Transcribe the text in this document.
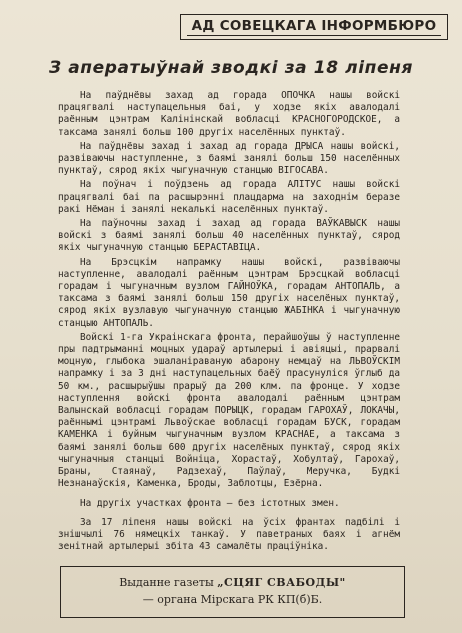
АД СОВЕЦКАГА ІНФОРМБЮРО
З аператыўнай зводкі за 18 ліпеня

На паўднёвы захад ад горада ОПОЧКА нашы войскі працягвалі наступацельныя баі, у ходзе якіх авалодалі раённым цэнтрам Калінінскай вобласці КРАСНОГОРОДСКОЕ, а таксама занялі больш 100 другіх населённых пунктаў.

На паўднёвы захад і захад ад горада ДРЫСА нашы войскі, развіваючы наступленне, з баямі занялі больш 150 населённых пунктаў, сярод якіх чыгуначную станцыю ВІГОСАВА.

На поўнач і поўдзень ад горада АЛІТУС нашы войскі працягвалі баі па расшырэнні плацдарма на заходнім беразе ракі Нёман і занялі некалькі населённых пунктаў.

На паўночны захад і захад ад горада ВАЎКАВЫСК нашы войскі з баямі занялі больш 40 населённых пунктаў, сярод якіх чыгуначную станцыю БЕРАСТАВІЦА.

На Брэсцкім напрамку нашы войскі, развіваючы наступленне, авалодалі раённым цэнтрам Брэсцкай вобласці горадам і чыгуначным вузлом ГАЙНОЎКА, горадам АНТОПАЛЬ, а таксама з баямі занялі больш 150 другіх населёных пунктаў, сярод якіх вузлавую чыгуначную станцыю ЖАБІНКА і чыгуначную станцыю АНТОПАЛЬ.

Войскі 1-га Украінскага фронта, перайшоўшы ў наступленне пры падтрыманні моцных удараў артылерыі і авіяцыі, прарвалі моцную, глыбока эшаланіраваную абарону немцаў на ЛЬВОЎСКІМ напрамку і за 3 дні наступацельных баёў прасунуліся ўглыб да 50 км., расшырыўшы прарыў да 200 клм. па фронце. У ходзе наступлення войскі фронта авалодалі раённым цэнтрам Валынскай вобласці горадам ПОРЫЦК, горадам ГАРОХАЎ, ЛОКАЧЫ, раённымі цэнтрамі Львоўскае вобласці горадам БУСК, горадам КАМЕНКА і буйным чыгуначным вузлом КРАСНАЕ, а таксама з баямі занялі больш 600 другіх населёных пунктаў, сярод якіх чыгуначныя станцыі Войніца, Хорастаў, Хобултаў, Гарохаў, Браны, Стаянаў, Радзехаў, Паўлаў, Меручка, Будкі Незнанаўскія, Каменка, Броды, Заблотцы, Езёрна.

На другіх участках фронта — без істотных змен.

За 17 ліпеня нашы войскі на ўсіх франтах падбілі і знішчылі 76 нямецкіх танкаў. У паветраных баях і агнём зенітнай артылерыі збіта 43 самалёты праціўніка.

Выданне газеты „СЦЯГ СВАБОДЫ"
— органа Мірскага РК КП(б)Б.
